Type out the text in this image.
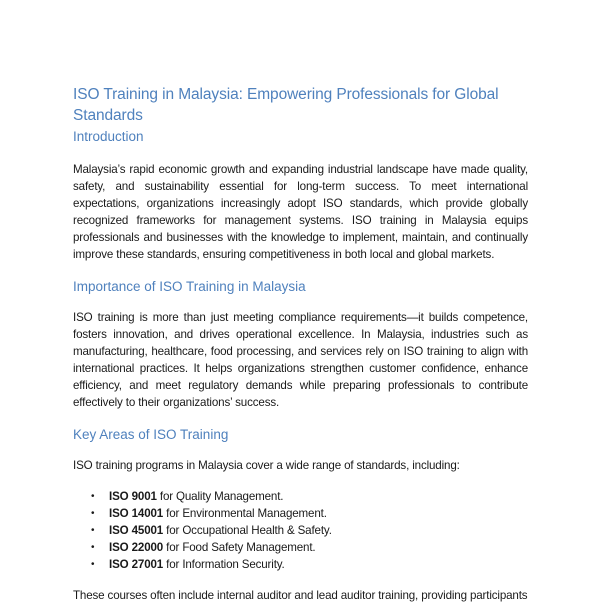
ISO Training in Malaysia: Empowering Professionals for Global Standards
Introduction

Malaysia’s rapid economic growth and expanding industrial landscape have made quality, safety, and sustainability essential for long-term success. To meet international expectations, organizations increasingly adopt ISO standards, which provide globally recognized frameworks for management systems. ISO training in Malaysia equips professionals and businesses with the knowledge to implement, maintain, and continually improve these standards, ensuring competitiveness in both local and global markets.

Importance of ISO Training in Malaysia

ISO training is more than just meeting compliance requirements—it builds competence, fosters innovation, and drives operational excellence. In Malaysia, industries such as manufacturing, healthcare, food processing, and services rely on ISO training to align with international practices. It helps organizations strengthen customer confidence, enhance efficiency, and meet regulatory demands while preparing professionals to contribute effectively to their organizations’ success.

Key Areas of ISO Training

ISO training programs in Malaysia cover a wide range of standards, including:

• ISO 9001 for Quality Management.
• ISO 14001 for Environmental Management.
• ISO 45001 for Occupational Health & Safety.
• ISO 22000 for Food Safety Management.
• ISO 27001 for Information Security.

These courses often include internal auditor and lead auditor training, providing participants
